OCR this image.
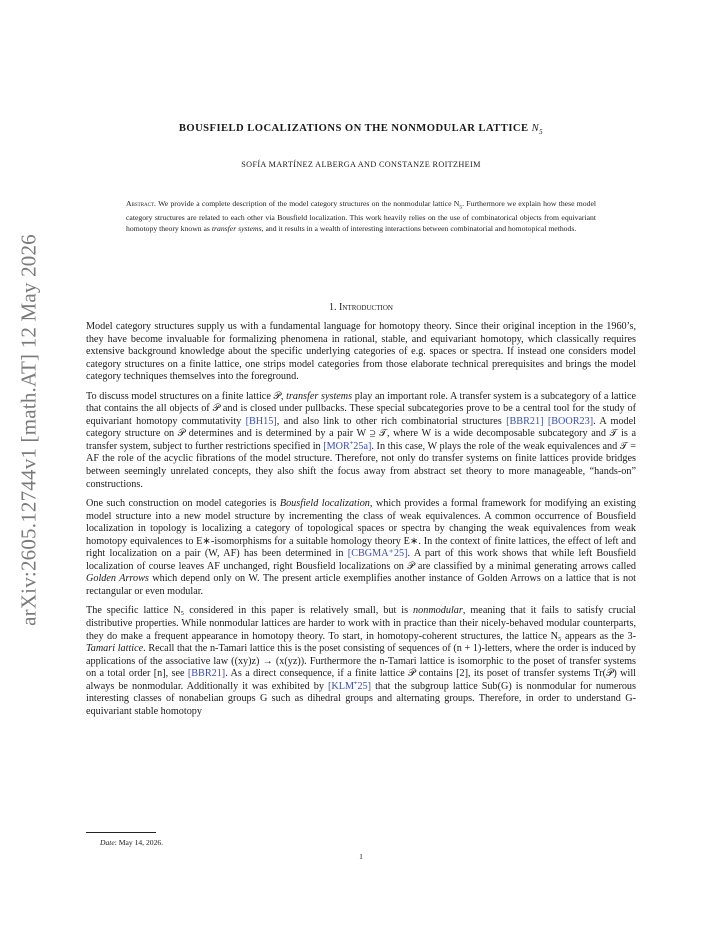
arXiv:2605.12744v1 [math.AT] 12 May 2026
BOUSFIELD LOCALIZATIONS ON THE NONMODULAR LATTICE $N_5$
SOFÍA MARTÍNEZ ALBERGA AND CONSTANZE ROITZHEIM
Abstract. We provide a complete description of the model category structures on the nonmodular lattice $N_5$. Furthermore we explain how these model category structures are related to each other via Bousfield localization. This work heavily relies on the use of combinatorical objects from equivariant homotopy theory known as transfer systems, and it results in a wealth of interesting interactions between combinatorial and homotopical methods.
1. Introduction

Model category structures supply us with a fundamental language for homotopy theory. Since their original inception in the 1960’s, they have become invaluable for formalizing phenomena in rational, stable, and equivariant homotopy, which classically requires extensive background knowledge about the specific underlying categories of e.g. spaces or spectra. If instead one considers model category structures on a finite lattice, one strips model categories from those elaborate technical prerequisites and brings the model category techniques themselves into the foreground.

To discuss model structures on a finite lattice 𝒫, transfer systems play an important role. A transfer system is a subcategory of a lattice that contains the all objects of 𝒫 and is closed under pullbacks. These special subcategories prove to be a central tool for the study of equivariant homotopy commutativity [BH15], and also link to other rich combinatorial structures [BBR21] [BOOR23]. A model category structure on 𝒫 determines and is determined by a pair W ⊇ 𝒯, where W is a wide decomposable subcategory and 𝒯 is a transfer system, subject to further restrictions specified in [MOR⁺25a]. In this case, W plays the role of the weak equivalences and 𝒯 = AF the role of the acyclic fibrations of the model structure. Therefore, not only do transfer systems on finite lattices provide bridges between seemingly unrelated concepts, they also shift the focus away from abstract set theory to more manageable, “hands-on” constructions.

One such construction on model categories is Bousfield localization, which provides a formal framework for modifying an existing model structure into a new model structure by incrementing the class of weak equivalences. A common occurrence of Bousfield localization in topology is localizing a category of topological spaces or spectra by changing the weak equivalences from weak homotopy equivalences to E∗-isomorphisms for a suitable homology theory E∗. In the context of finite lattices, the effect of left and right localization on a pair (W, AF) has been determined in [CBGMA⁺25]. A part of this work shows that while left Bousfield localization of course leaves AF unchanged, right Bousfield localizations on 𝒫 are classified by a minimal generating arrows called Golden Arrows which depend only on W. The present article exemplifies another instance of Golden Arrows on a lattice that is not rectangular or even modular.

The specific lattice N₅ considered in this paper is relatively small, but is nonmodular, meaning that it fails to satisfy crucial distributive properties. While nonmodular lattices are harder to work with in practice than their nicely-behaved modular counterparts, they do make a frequent appearance in homotopy theory. To start, in homotopy-coherent structures, the lattice N₅ appears as the 3-Tamari lattice. Recall that the n-Tamari lattice this is the poset consisting of sequences of (n + 1)-letters, where the order is induced by applications of the associative law ((xy)z) → (x(yz)). Furthermore the n-Tamari lattice is isomorphic to the poset of transfer systems on a total order [n], see [BBR21]. As a direct consequence, if a finite lattice 𝒫 contains [2], its poset of transfer systems Tr(𝒫) will always be nonmodular. Additionally it was exhibited by [KLM⁺25] that the subgroup lattice Sub(G) is nonmodular for numerous interesting classes of nonabelian groups G such as dihedral groups and alternating groups. Therefore, in order to understand G-equivariant stable homotopy

Date: May 14, 2026.
1
